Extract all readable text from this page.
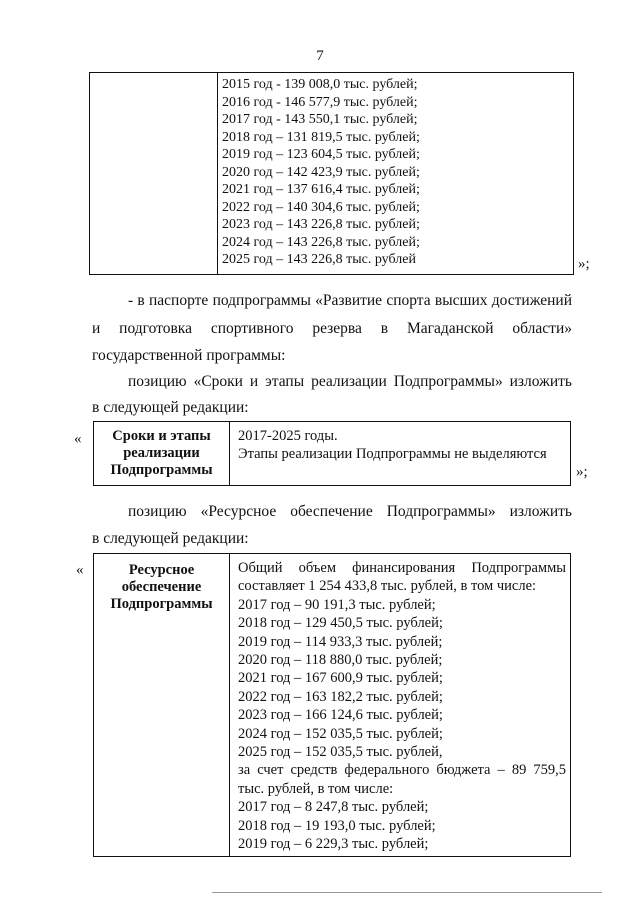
7

2015 год - 139 008,0 тыс. рублей;
2016 год - 146 577,9 тыс. рублей;
2017 год - 143 550,1 тыс. рублей;
2018 год – 131 819,5 тыс. рублей;
2019 год – 123 604,5 тыс. рублей;
2020 год – 142 423,9 тыс. рублей;
2021 год – 137 616,4 тыс. рублей;
2022 год – 140 304,6 тыс. рублей;
2023 год – 143 226,8 тыс. рублей;
2024 год – 143 226,8 тыс. рублей;
2025 год – 143 226,8 тыс. рублей	»;
- в паспорте подпрограммы «Развитие спорта высших достижений
и подготовка спортивного резерва в Магаданской области»
государственной программы:
позицию «Сроки и этапы реализации Подпрограммы» изложить
в следующей редакции:
« Сроки и этапы реализации Подпрограммы	
2017-2025 годы.
Этапы реализации Подпрограммы не выделяются
»;
позицию «Ресурсное обеспечение Подпрограммы» изложить
в следующей редакции:
«	Ресурсное обеспечение Подпрограммы	
Общий объем финансирования Подпрограммы
составляет 1 254 433,8 тыс. рублей, в том числе:
2017 год – 90 191,3 тыс. рублей;
2018 год – 129 450,5 тыс. рублей;
2019 год – 114 933,3 тыс. рублей;
2020 год – 118 880,0 тыс. рублей;
2021 год – 167 600,9 тыс. рублей;
2022 год – 163 182,2 тыс. рублей;
2023 год – 166 124,6 тыс. рублей;
2024 год – 152 035,5 тыс. рублей;
2025 год – 152 035,5 тыс. рублей,
за счет средств федерального бюджета – 89 759,5
тыс. рублей, в том числе:
2017 год – 8 247,8 тыс. рублей;
2018 год – 19 193,0 тыс. рублей;
2019 год – 6 229,3 тыс. рублей;
